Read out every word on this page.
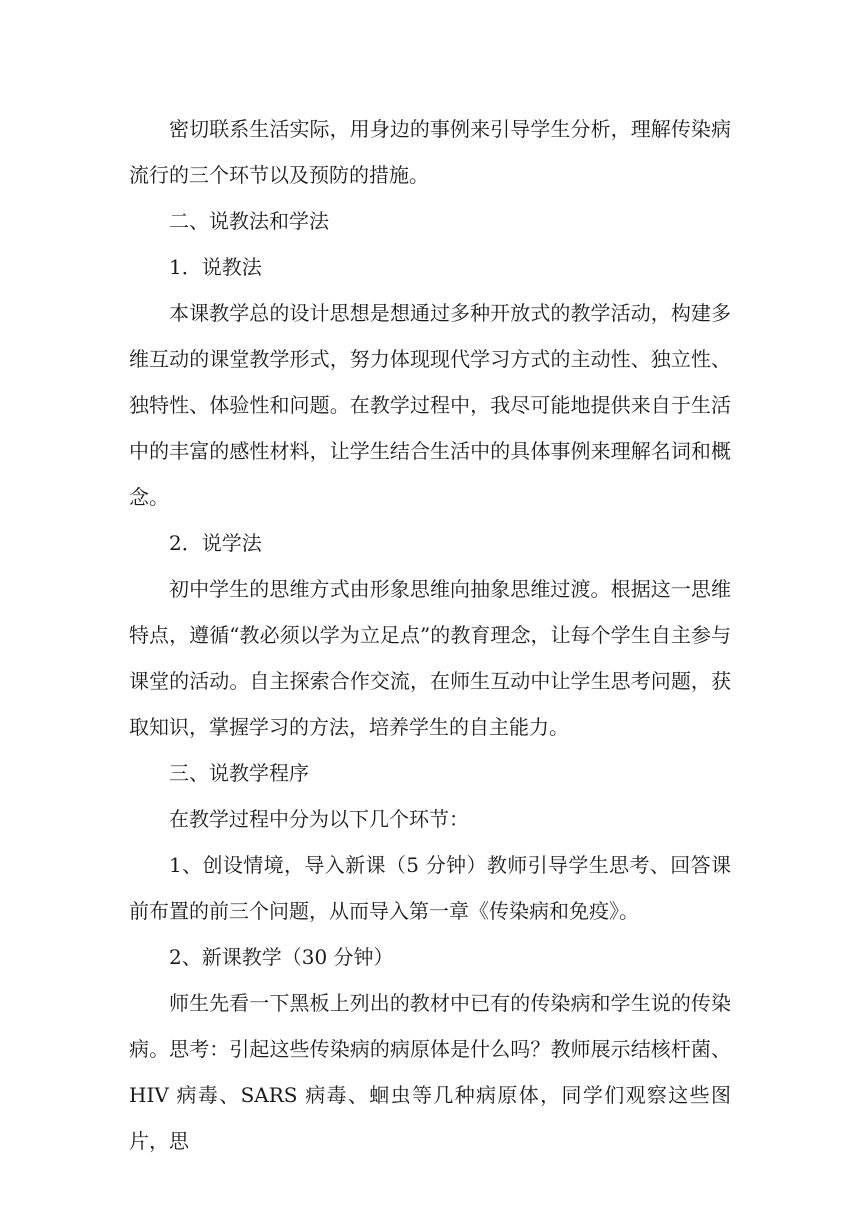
密切联系生活实际，用身边的事例来引导学生分析，理解传染病流行的三个环节以及预防的措施。

二、说教法和学法

1．说教法

本课教学总的设计思想是想通过多种开放式的教学活动，构建多维互动的课堂教学形式，努力体现现代学习方式的主动性、独立性、独特性、体验性和问题。在教学过程中，我尽可能地提供来自于生活中的丰富的感性材料，让学生结合生活中的具体事例来理解名词和概念。

2．说学法

初中学生的思维方式由形象思维向抽象思维过渡。根据这一思维特点，遵循“教必须以学为立足点”的教育理念，让每个学生自主参与课堂的活动。自主探索合作交流，在师生互动中让学生思考问题，获取知识，掌握学习的方法，培养学生的自主能力。

三、说教学程序

在教学过程中分为以下几个环节：

1、创设情境，导入新课（5 分钟）教师引导学生思考、回答课前布置的前三个问题，从而导入第一章《传染病和免疫》。

2、新课教学（30 分钟）

师生先看一下黑板上列出的教材中已有的传染病和学生说的传染病。思考：引起这些传染病的病原体是什么吗？教师展示结核杆菌、HIV 病毒、SARS 病毒、蛔虫等几种病原体，同学们观察这些图片，思
